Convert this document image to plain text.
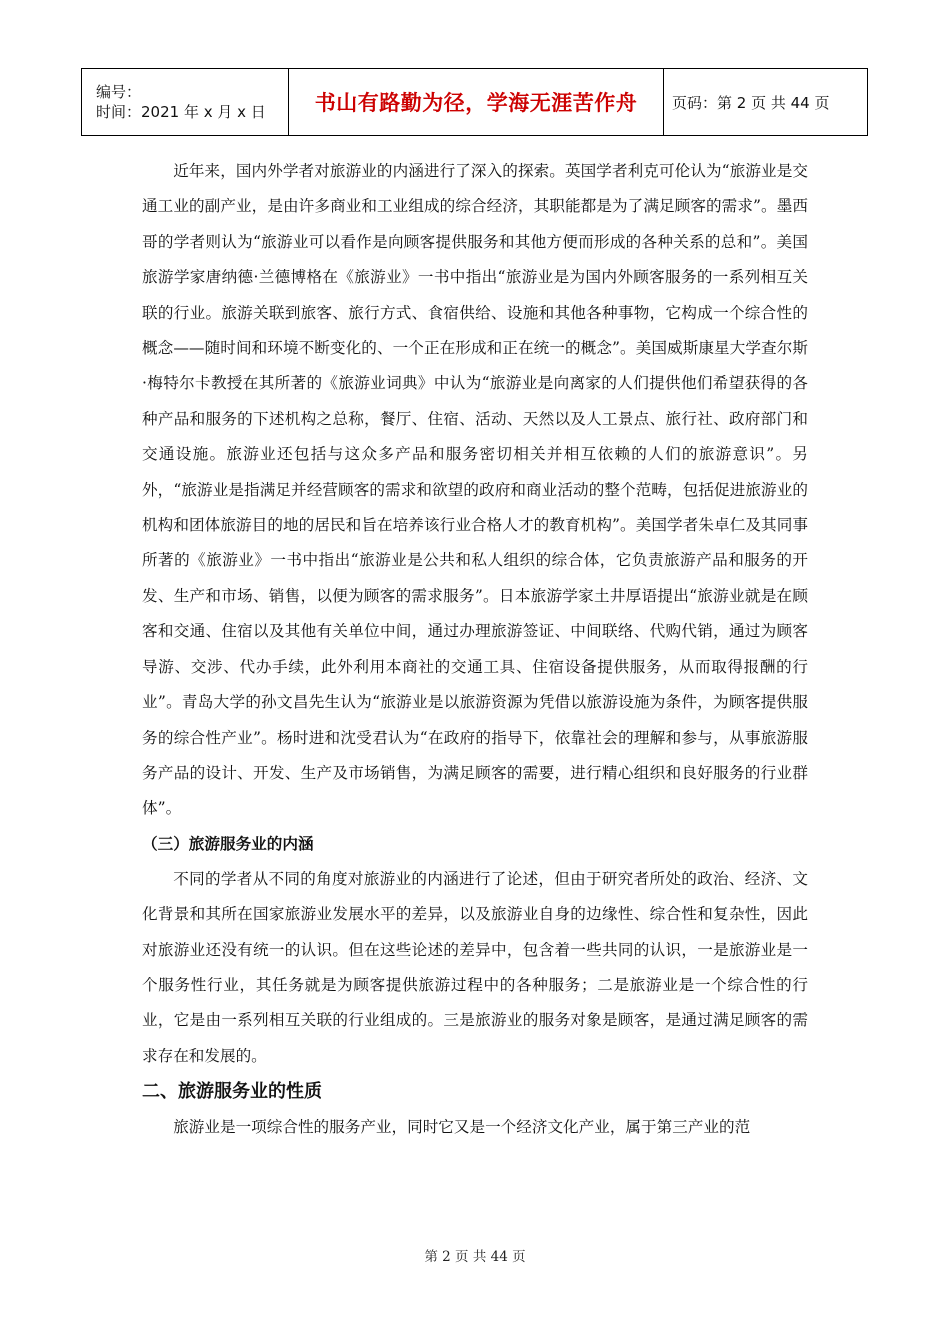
编号：
时间：2021 年 x 月 x 日	书山有路勤为径，学海无涯苦作舟	页码：第 2 页 共 44 页

近年来，国内外学者对旅游业的内涵进行了深入的探索。英国学者利克可伦认为“旅游业是交通工业的副产业，是由许多商业和工业组成的综合经济，其职能都是为了满足顾客的需求”。墨西哥的学者则认为“旅游业可以看作是向顾客提供服务和其他方便而形成的各种关系的总和”。美国旅游学家唐纳德·兰德博格在《旅游业》一书中指出“旅游业是为国内外顾客服务的一系列相互关联的行业。旅游关联到旅客、旅行方式、食宿供给、设施和其他各种事物，它构成一个综合性的概念——随时间和环境不断变化的、一个正在形成和正在统一的概念”。美国威斯康星大学查尔斯·梅特尔卡教授在其所著的《旅游业词典》中认为“旅游业是向离家的人们提供他们希望获得的各种产品和服务的下述机构之总称，餐厅、住宿、活动、天然以及人工景点、旅行社、政府部门和交通设施。旅游业还包括与这众多产品和服务密切相关并相互依赖的人们的旅游意识”。另外，“旅游业是指满足并经营顾客的需求和欲望的政府和商业活动的整个范畴，包括促进旅游业的机构和团体旅游目的地的居民和旨在培养该行业合格人才的教育机构”。美国学者朱卓仁及其同事所著的《旅游业》一书中指出“旅游业是公共和私人组织的综合体，它负责旅游产品和服务的开发、生产和市场、销售，以便为顾客的需求服务”。日本旅游学家土井厚语提出“旅游业就是在顾客和交通、住宿以及其他有关单位中间，通过办理旅游签证、中间联络、代购代销，通过为顾客导游、交涉、代办手续，此外利用本商社的交通工具、住宿设备提供服务，从而取得报酬的行业”。青岛大学的孙文昌先生认为“旅游业是以旅游资源为凭借以旅游设施为条件，为顾客提供服务的综合性产业”。杨时进和沈受君认为“在政府的指导下，依靠社会的理解和参与，从事旅游服务产品的设计、开发、生产及市场销售，为满足顾客的需要，进行精心组织和良好服务的行业群体”。

（三）旅游服务业的内涵

不同的学者从不同的角度对旅游业的内涵进行了论述，但由于研究者所处的政治、经济、文化背景和其所在国家旅游业发展水平的差异，以及旅游业自身的边缘性、综合性和复杂性，因此对旅游业还没有统一的认识。但在这些论述的差异中，包含着一些共同的认识，一是旅游业是一个服务性行业，其任务就是为顾客提供旅游过程中的各种服务；二是旅游业是一个综合性的行业，它是由一系列相互关联的行业组成的。三是旅游业的服务对象是顾客，是通过满足顾客的需求存在和发展的。

二、旅游服务业的性质

旅游业是一项综合性的服务产业，同时它又是一个经济文化产业，属于第三产业的范

第 2 页 共 44 页
